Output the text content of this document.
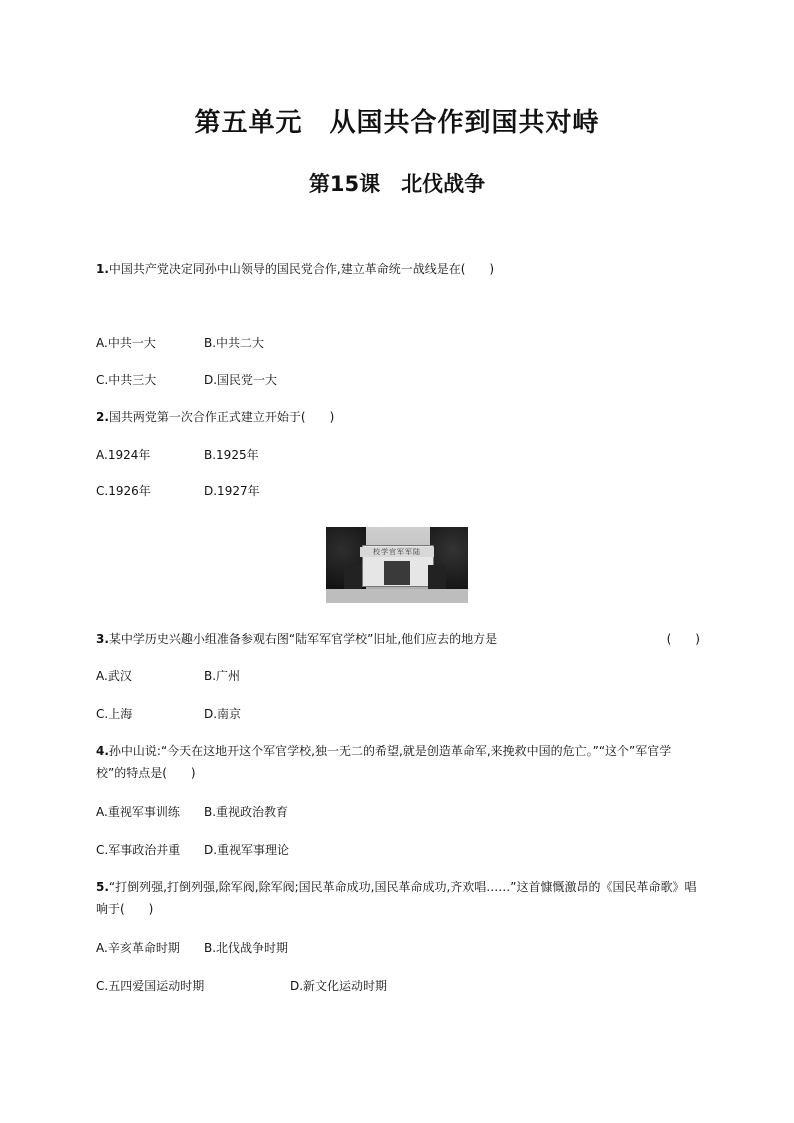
第五单元　从国共合作到国共对峙
第15课　北伐战争
1.中国共产党决定同孙中山领导的国民党合作,建立革命统一战线是在(　　)
A.中共一大	B.中共二大
C.中共三大	D.国民党一大
2.国共两党第一次合作正式建立开始于(　　)
A.1924年	B.1925年
C.1926年	D.1927年
校学官军军陆
3.某中学历史兴趣小组准备参观右图“陆军军官学校”旧址,他们应去的地方是	(　　)
A.武汉	B.广州
C.上海	D.南京
4.孙中山说:“今天在这地开这个军官学校,独一无二的希望,就是创造革命军,来挽救中国的危亡。”“这个”军官学校”的特点是(　　)
A.重视军事训练 B.重视政治教育
C.军事政治并重 D.重视军事理论
5.“打倒列强,打倒列强,除军阀,除军阀;国民革命成功,国民革命成功,齐欢唱……”这首慷慨激昂的《国民革命歌》唱响于(　　)
A.辛亥革命时期 B.北伐战争时期
C.五四爱国运动时期	D.新文化运动时期
